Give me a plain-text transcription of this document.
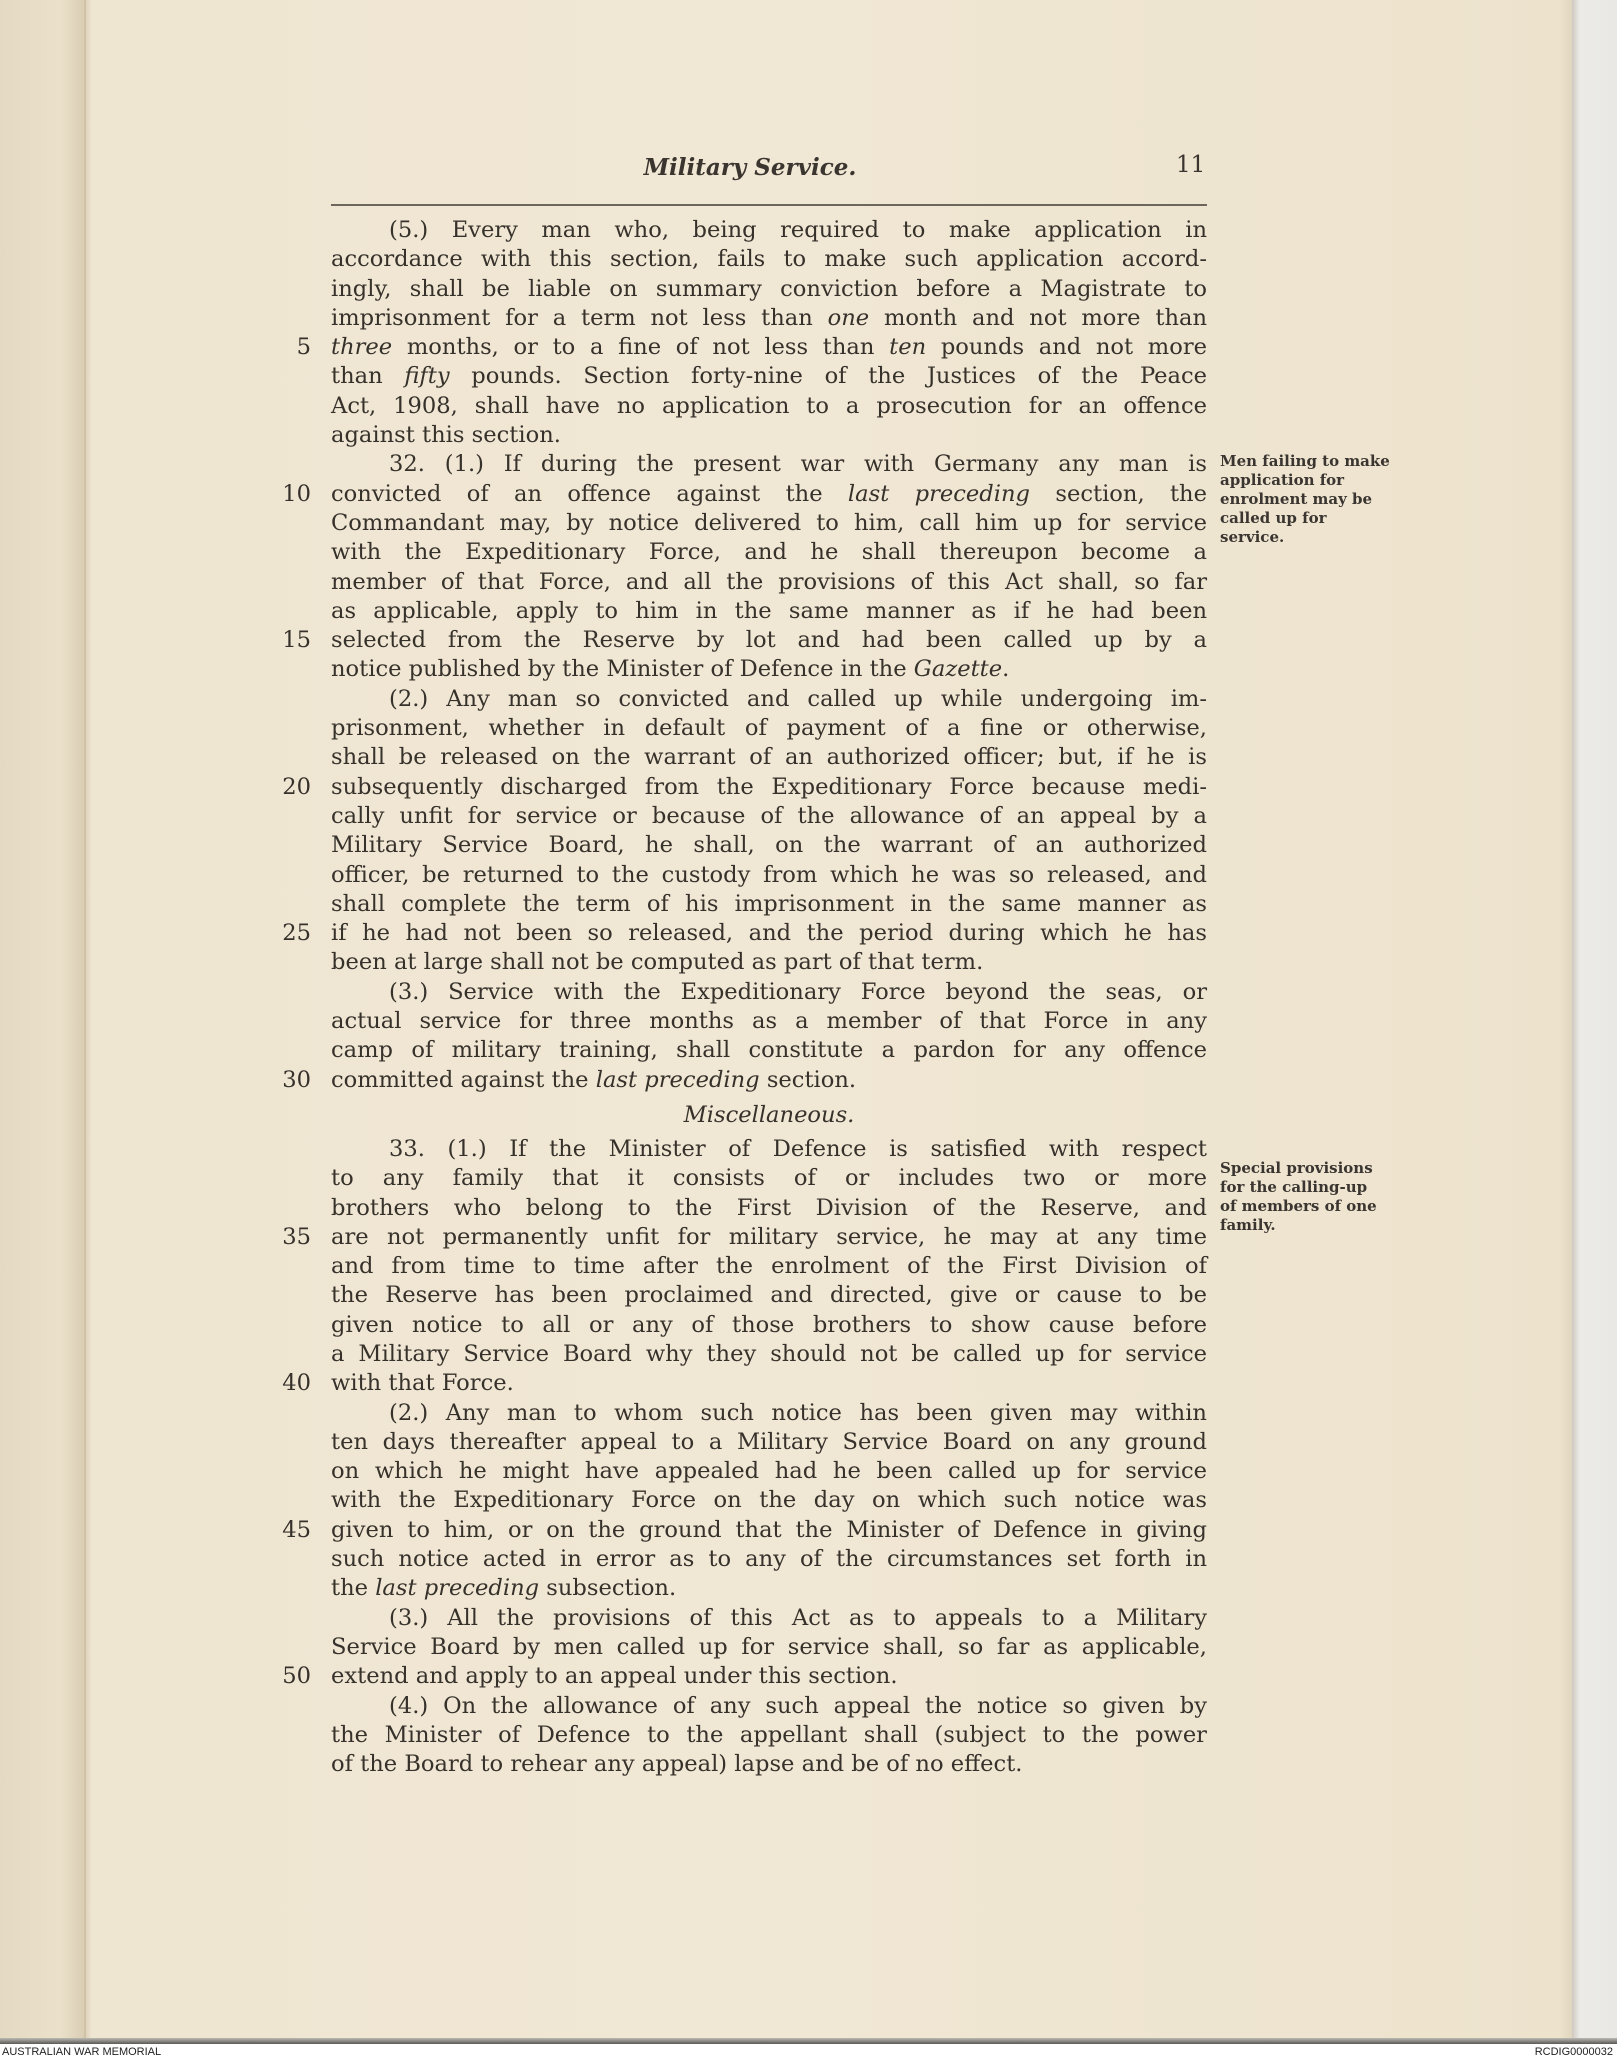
Military Service.	11
(5.) Every man who, being required to make application in
accordance with this section, fails to make such application accord-
ingly, shall be liable on summary conviction before a Magistrate to
imprisonment for a term not less than one month and not more than
5 three months, or to a fine of not less than ten pounds and not more
than fifty pounds. Section forty-nine of the Justices of the Peace
Act, 1908, shall have no application to a prosecution for an offence
against this section.
32. (1.) If during the present war with Germany any man is
10 convicted of an offence against the last preceding section, the
Commandant may, by notice delivered to him, call him up for service
with the Expeditionary Force, and he shall thereupon become a
member of that Force, and all the provisions of this Act shall, so far
as applicable, apply to him in the same manner as if he had been
15 selected from the Reserve by lot and had been called up by a
notice published by the Minister of Defence in the Gazette.
(2.) Any man so convicted and called up while undergoing im-
prisonment, whether in default of payment of a fine or otherwise,
shall be released on the warrant of an authorized officer; but, if he is
20 subsequently discharged from the Expeditionary Force because medi-
cally unfit for service or because of the allowance of an appeal by a
Military Service Board, he shall, on the warrant of an authorized
officer, be returned to the custody from which he was so released, and
shall complete the term of his imprisonment in the same manner as
25 if he had not been so released, and the period during which he has
been at large shall not be computed as part of that term.
(3.) Service with the Expeditionary Force beyond the seas, or
actual service for three months as a member of that Force in any
camp of military training, shall constitute a pardon for any offence
30 committed against the last preceding section.
Miscellaneous.
33. (1.) If the Minister of Defence is satisfied with respect
to any family that it consists of or includes two or more
brothers who belong to the First Division of the Reserve, and
35 are not permanently unfit for military service, he may at any time
and from time to time after the enrolment of the First Division of
the Reserve has been proclaimed and directed, give or cause to be
given notice to all or any of those brothers to show cause before
a Military Service Board why they should not be called up for service
40 with that Force.
(2.) Any man to whom such notice has been given may within
ten days thereafter appeal to a Military Service Board on any ground
on which he might have appealed had he been called up for service
with the Expeditionary Force on the day on which such notice was
45 given to him, or on the ground that the Minister of Defence in giving
such notice acted in error as to any of the circumstances set forth in
the last preceding subsection.
(3.) All the provisions of this Act as to appeals to a Military
Service Board by men called up for service shall, so far as applicable,
50 extend and apply to an appeal under this section.
(4.) On the allowance of any such appeal the notice so given by
the Minister of Defence to the appellant shall (subject to the power
of the Board to rehear any appeal) lapse and be of no effect.
Men failing to make
application for
enrolment may be
called up for
service.
Special provisions
for the calling-up
of members of one
family.
AUSTRALIAN WAR MEMORIAL	RCDIG0000032
